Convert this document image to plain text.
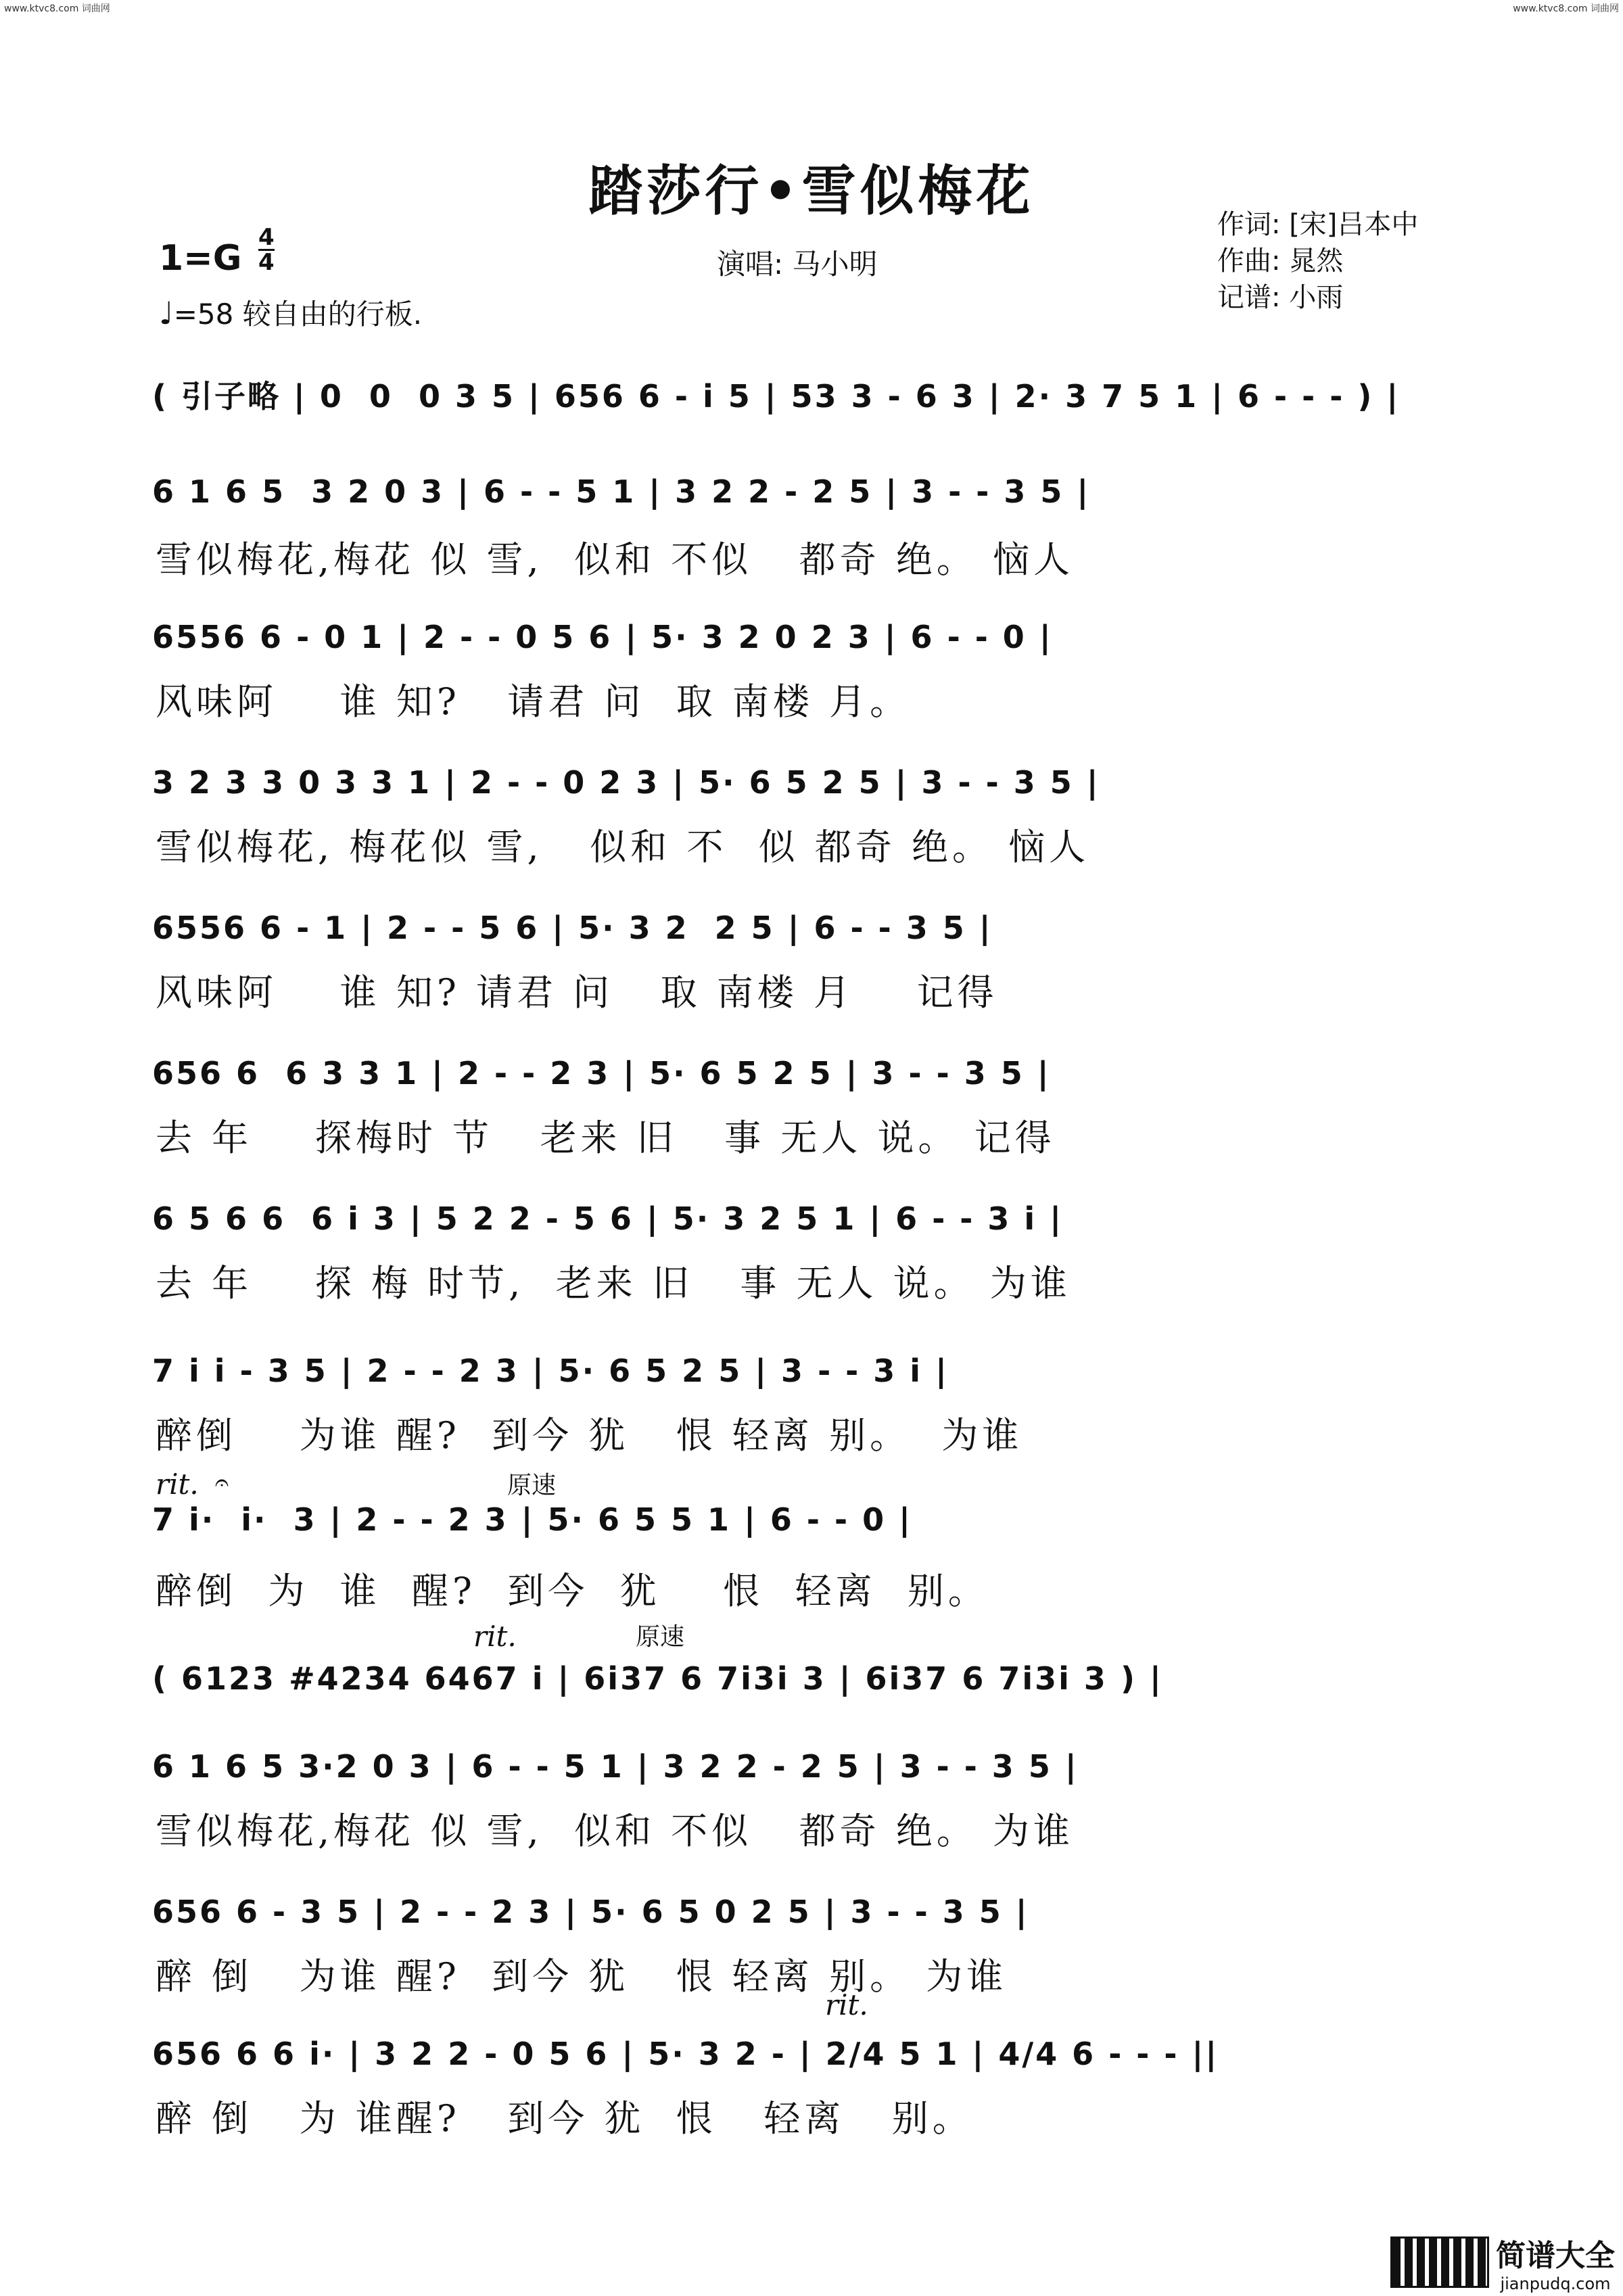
www.ktvc8.com 词曲网	www.ktvc8.com 词曲网
踏莎行•雪似梅花
1=G
4
4
♩=58 较自由的行板.
演唱: 马小明
作词: [宋]吕本中
作曲: 晁然
记谱: 小雨
( 引子略 | 0  0  0 3 5 | 656 6 - i 5 | 53 3 - 6 3 | 2· 3 7 5 1 | 6 - - - ) |
6 1 6 5  3 2 0 3 | 6 - - 5 1 | 3 2 2 - 2 5 | 3 - - 3 5 |
雪似梅花,梅花 似 雪,  似和 不似   都奇 绝。 恼人
6556 6 - 0 1 | 2 - - 0 5 6 | 5· 3 2 0 2 3 | 6 - - 0 |
风味阿    谁 知?   请君 问  取 南楼 月。
3 2 3 3 0 3 3 1 | 2 - - 0 2 3 | 5· 6 5 2 5 | 3 - - 3 5 |
雪似梅花, 梅花似 雪,   似和 不  似 都奇 绝。 恼人
6556 6 - 1 | 2 - - 5 6 | 5· 3 2  2 5 | 6 - - 3 5 |
风味阿    谁 知? 请君 问   取 南楼 月    记得
656 6  6 3 3 1 | 2 - - 2 3 | 5· 6 5 2 5 | 3 - - 3 5 |
去 年    探梅时 节   老来 旧   事 无人 说。 记得
6 5 6 6  6 i 3 | 5 2 2 - 5 6 | 5· 3 2 5 1 | 6 - - 3 i |
去 年    探 梅 时节,  老来 旧   事 无人 说。 为谁
7 i i - 3 5 | 2 - - 2 3 | 5· 6 5 2 5 | 3 - - 3 i |
醉倒    为谁 醒?  到今 犹   恨 轻离 别。  为谁
rit. 𝄐	原速
7 i·  i·  3 | 2 - - 2 3 | 5· 6 5 5 1 | 6 - - 0 |
醉倒  为  谁  醒?  到今  犹    恨  轻离  别。
rit.	原速
( 6123 #4234 6467 i | 6i37 6 7i3i 3 | 6i37 6 7i3i 3 ) |
6 1 6 5 3·2 0 3 | 6 - - 5 1 | 3 2 2 - 2 5 | 3 - - 3 5 |
雪似梅花,梅花 似 雪,  似和 不似   都奇 绝。 为谁
656 6 - 3 5 | 2 - - 2 3 | 5· 6 5 0 2 5 | 3 - - 3 5 |
醉 倒   为谁 醒?  到今 犹   恨 轻离 别。 为谁
rit.
656 6 6 i· | 3 2 2 - 0 5 6 | 5· 3 2 - | 2/4 5 1 | 4/4 6 - - - ||
醉 倒   为 谁醒?   到今 犹  恨   轻离   别。
简谱大全
jianpudq.com
